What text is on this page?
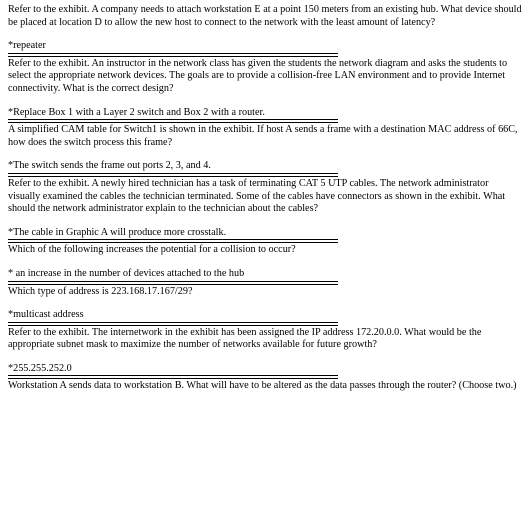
Refer to the exhibit. A company needs to attach workstation E at a point 150 meters from an existing hub. What device should be placed at location D to allow the new host to connect to the network with the least amount of latency?
*repeater
Refer to the exhibit. An instructor in the network class has given the students the network diagram and asks the students to select the appropriate network devices. The goals are to provide a collision-free LAN environment and to provide Internet connectivity. What is the correct design?
*Replace Box 1 with a Layer 2 switch and Box 2 with a router.
A simplified CAM table for Switch1 is shown in the exhibit. If host A sends a frame with a destination MAC address of 66C, how does the switch process this frame?
*The switch sends the frame out ports 2, 3, and 4.
Refer to the exhibit. A newly hired technician has a task of terminating CAT 5 UTP cables. The network administrator visually examined the cables the technician terminated. Some of the cables have connectors as shown in the exhibit. What should the network administrator explain to the technician about the cables?
*The cable in Graphic A will produce more crosstalk.
Which of the following increases the potential for a collision to occur?
* an increase in the number of devices attached to the hub
Which type of address is 223.168.17.167/29?
*multicast address
Refer to the exhibit. The internetwork in the exhibit has been assigned the IP address 172.20.0.0. What would be the appropriate subnet mask to maximize the number of networks available for future growth?
*255.255.252.0
Workstation A sends data to workstation B. What will have to be altered as the data passes through the router? (Choose two.)
